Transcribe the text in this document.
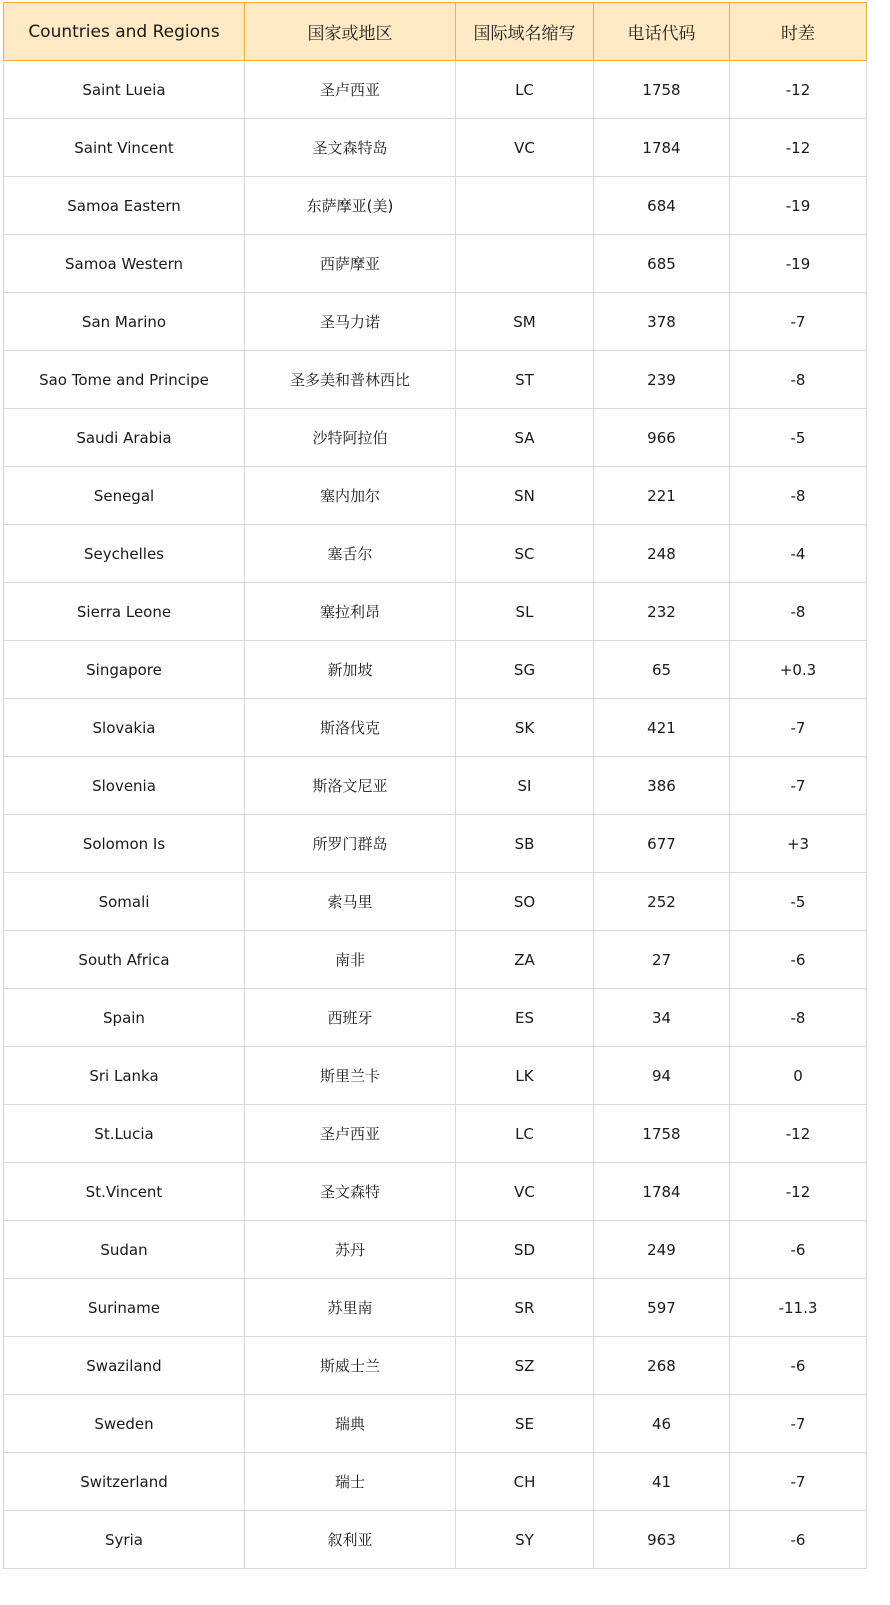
Countries and Regions	国家或地区	国际域名缩写	电话代码	时差
Saint Lueia	圣卢西亚	LC	1758	-12
Saint Vincent	圣文森特岛	VC	1784	-12
Samoa Eastern	东萨摩亚(美)		684	-19
Samoa Western	西萨摩亚		685	-19
San Marino	圣马力诺	SM	378	-7
Sao Tome and Principe	圣多美和普林西比	ST	239	-8
Saudi Arabia	沙特阿拉伯	SA	966	-5
Senegal	塞内加尔	SN	221	-8
Seychelles	塞舌尔	SC	248	-4
Sierra Leone	塞拉利昂	SL	232	-8
Singapore	新加坡	SG	65	+0.3
Slovakia	斯洛伐克	SK	421	-7
Slovenia	斯洛文尼亚	SI	386	-7
Solomon Is	所罗门群岛	SB	677	+3
Somali	索马里	SO	252	-5
South Africa	南非	ZA	27	-6
Spain	西班牙	ES	34	-8
Sri Lanka	斯里兰卡	LK	94	0
St.Lucia	圣卢西亚	LC	1758	-12
St.Vincent	圣文森特	VC	1784	-12
Sudan	苏丹	SD	249	-6
Suriname	苏里南	SR	597	-11.3
Swaziland	斯威士兰	SZ	268	-6
Sweden	瑞典	SE	46	-7
Switzerland	瑞士	CH	41	-7
Syria	叙利亚	SY	963	-6
